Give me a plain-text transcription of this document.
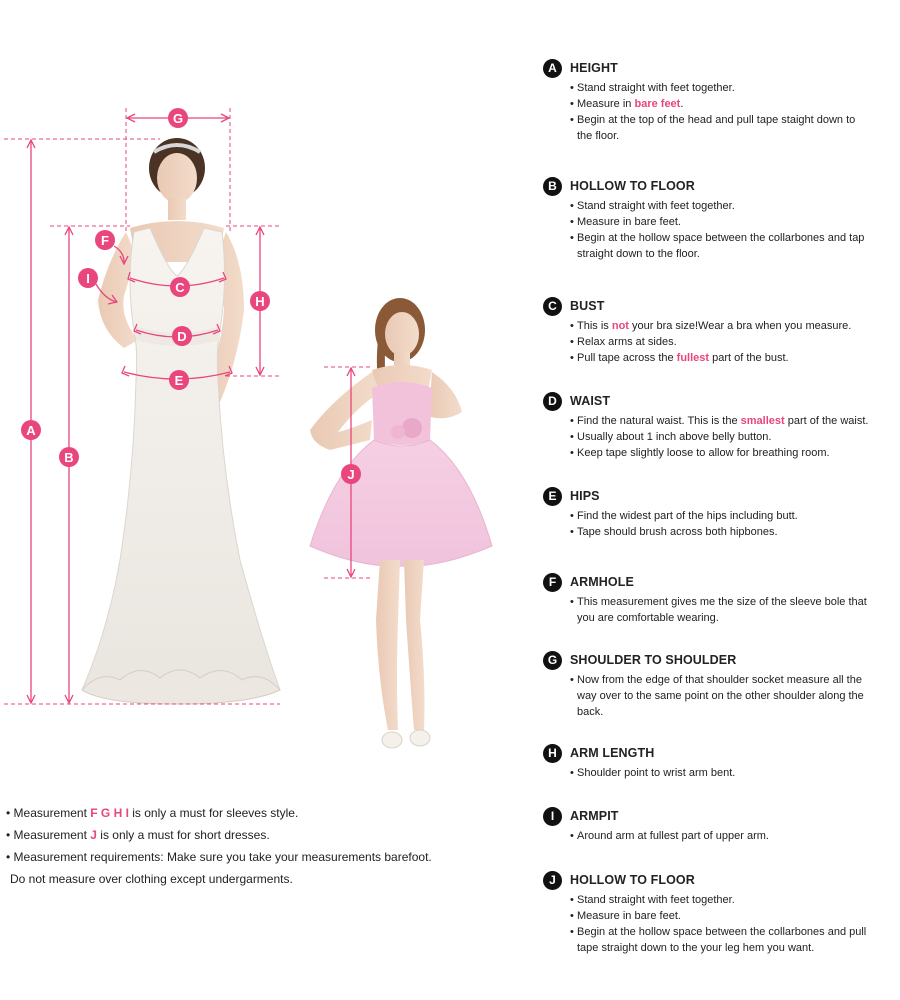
A
B
C
D
E
F
G
H
I
J
• Measurement F G H I is only a must for sleeves style.
• Measurement J is only a must for short dresses.
• Measurement requirements: Make sure you take your measurements barefoot.
Do not measure over clothing except undergarments.
A	HEIGHT
• Stand straight with feet together.
• Measure in bare feet.
• Begin at the top of the head and pull tape staight down to
the floor.
B	HOLLOW TO FLOOR
• Stand straight with feet together.
• Measure in bare feet.
• Begin at the hollow space between the collarbones and tap
straight down to the floor.
C	BUST
• This is not your bra size!Wear a bra when you measure.
• Relax arms at sides.
• Pull tape across the fullest part of the bust.
D	WAIST
• Find the natural waist. This is the smallest part of the waist.
• Usually about 1 inch above belly button.
• Keep tape slightly loose to allow for breathing room.
E	HIPS
• Find the widest part of the hips including butt.
• Tape should brush across both hipbones.
F	ARMHOLE
• This measurement gives me the size of the sleeve bole that
you are comfortable wearing.
G	SHOULDER TO SHOULDER
• Now from the edge of that shoulder socket measure all the
way over to the same point on the other shoulder along the
back.
H	ARM LENGTH
• Shoulder point to wrist arm bent.
I	ARMPIT
• Around arm at fullest part of upper arm.
J	HOLLOW TO FLOOR
• Stand straight with feet together.
• Measure in bare feet.
• Begin at the hollow space between the collarbones and pull
tape straight down to the your leg hem you want.
